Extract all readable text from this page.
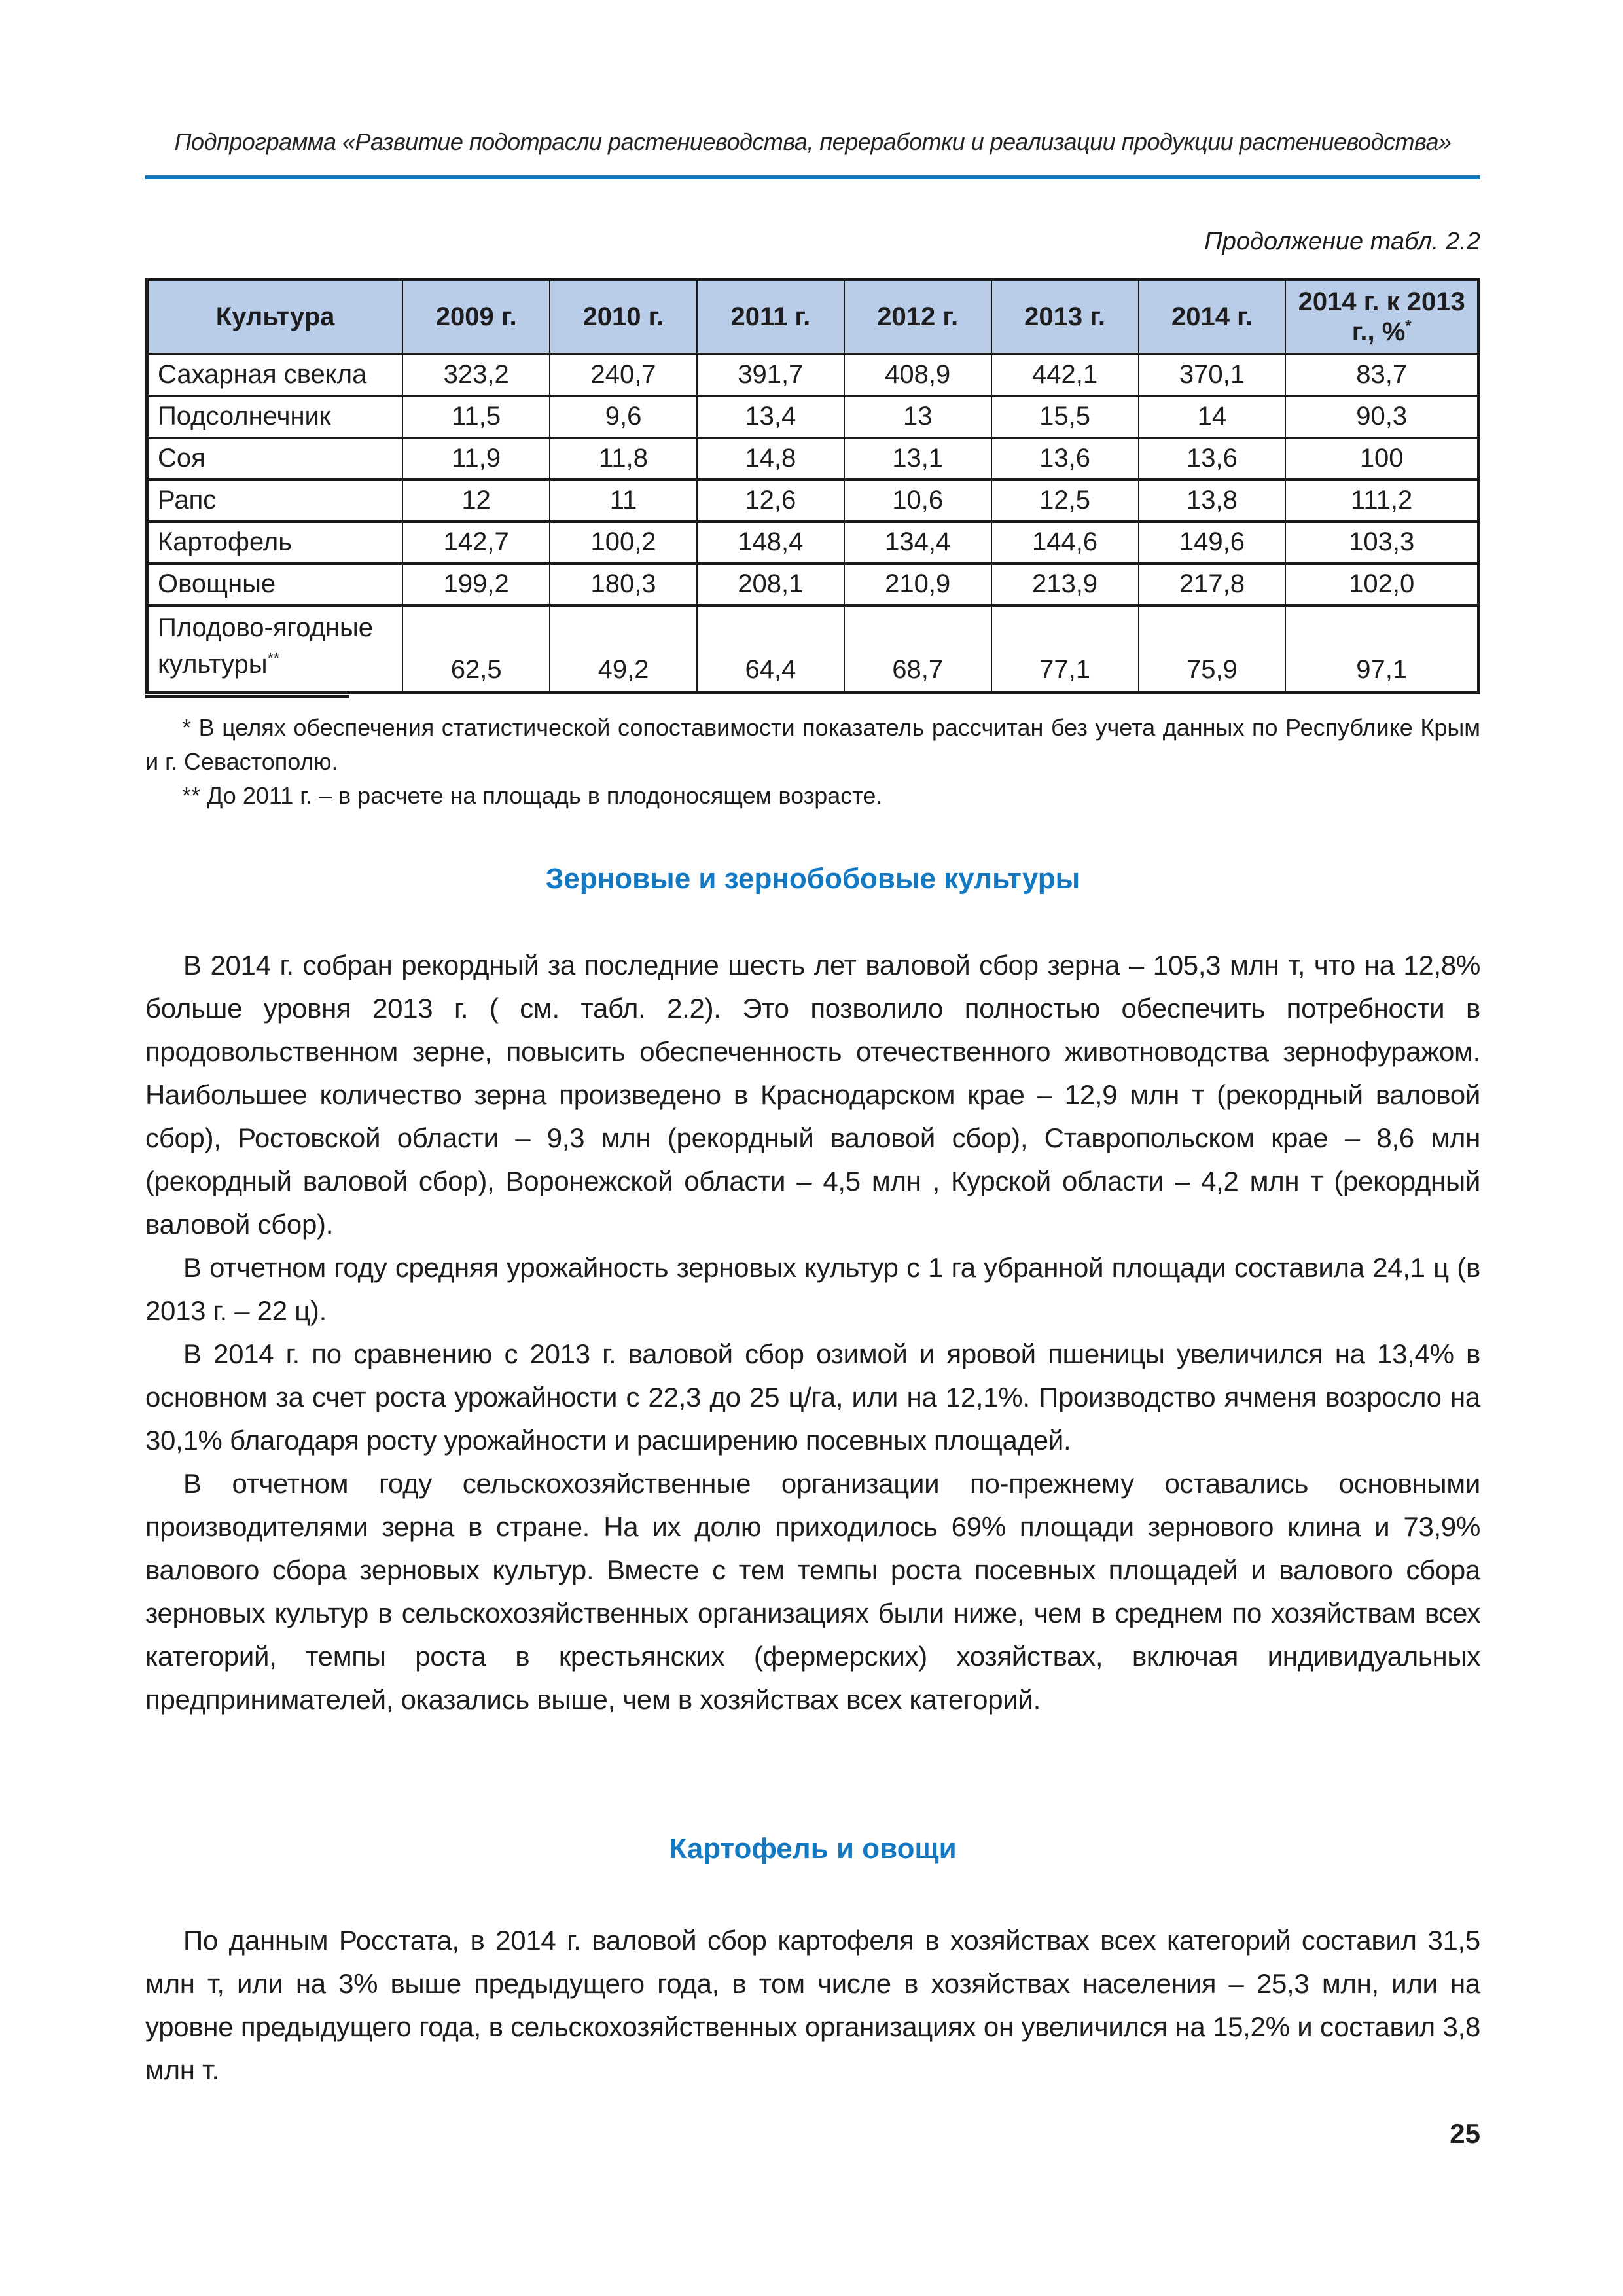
Подпрограмма «Развитие подотрасли растениеводства, переработки и реализации продукции растениеводства»
Продолжение табл. 2.2
Культура	2009 г.	2010 г.	2011 г.	2012 г.	2013 г.	2014 г.	2014 г. к 2013 г., %*
Сахарная свекла	323,2	240,7	391,7	408,9	442,1	370,1	83,7
Подсолнечник	11,5	9,6	13,4	13	15,5	14	90,3
Соя	11,9	11,8	14,8	13,1	13,6	13,6	100
Рапс	12	11	12,6	10,6	12,5	13,8	111,2
Картофель	142,7	100,2	148,4	134,4	144,6	149,6	103,3
Овощные	199,2	180,3	208,1	210,9	213,9	217,8	102,0
Плодово-ягодные культуры**	62,5	49,2	64,4	68,7	77,1	75,9	97,1

* В целях обеспечения статистической сопоставимости показатель рассчитан без учета данных по Республике Крым и г. Севастополю.

** До 2011 г. – в расчете на площадь в плодоносящем возрасте.

Зерновые и зернобобовые культуры

В 2014 г. собран рекордный за последние шесть лет валовой сбор зерна – 105,3 млн т, что на 12,8% больше уровня 2013 г. ( см. табл. 2.2). Это позволило полностью обеспечить потребности в продовольственном зерне, повысить обеспеченность отечественного животноводства зернофуражом. Наибольшее количество зерна произведено в Краснодарском крае – 12,9 млн т (рекордный валовой сбор), Ростовской области – 9,3 млн (рекордный валовой сбор), Ставропольском крае – 8,6 млн (рекордный валовой сбор), Воронежской области – 4,5 млн , Курской области – 4,2 млн т (рекордный валовой сбор).

В отчетном году средняя урожайность зерновых культур с 1 га убранной площади составила 24,1 ц (в 2013 г. – 22 ц).

В 2014 г. по сравнению с 2013 г. валовой сбор озимой и яровой пшеницы увеличился на 13,4% в основном за счет роста урожайности с 22,3 до 25 ц/га, или на 12,1%. Производство ячменя возросло на 30,1% благодаря росту урожайности и расширению посевных площадей.

В отчетном году сельскохозяйственные организации по-прежнему оставались основными производителями зерна в стране. На их долю приходилось 69% площади зернового клина и 73,9% валового сбора зерновых культур. Вместе с тем темпы роста посевных площадей и валового сбора зерновых культур в сельскохозяйственных организациях были ниже, чем в среднем по хозяйствам всех категорий, темпы роста в крестьянских (фермерских) хозяйствах, включая индивидуальных предпринимателей, оказались выше, чем в хозяйствах всех категорий.

Картофель и овощи

По данным Росстата, в 2014 г. валовой сбор картофеля в хозяйствах всех категорий составил 31,5 млн т, или на 3% выше предыдущего года, в том числе в хозяйствах населения – 25,3 млн, или на уровне предыдущего года, в сельскохозяйственных организациях он увеличился на 15,2% и составил 3,8 млн т.

25
